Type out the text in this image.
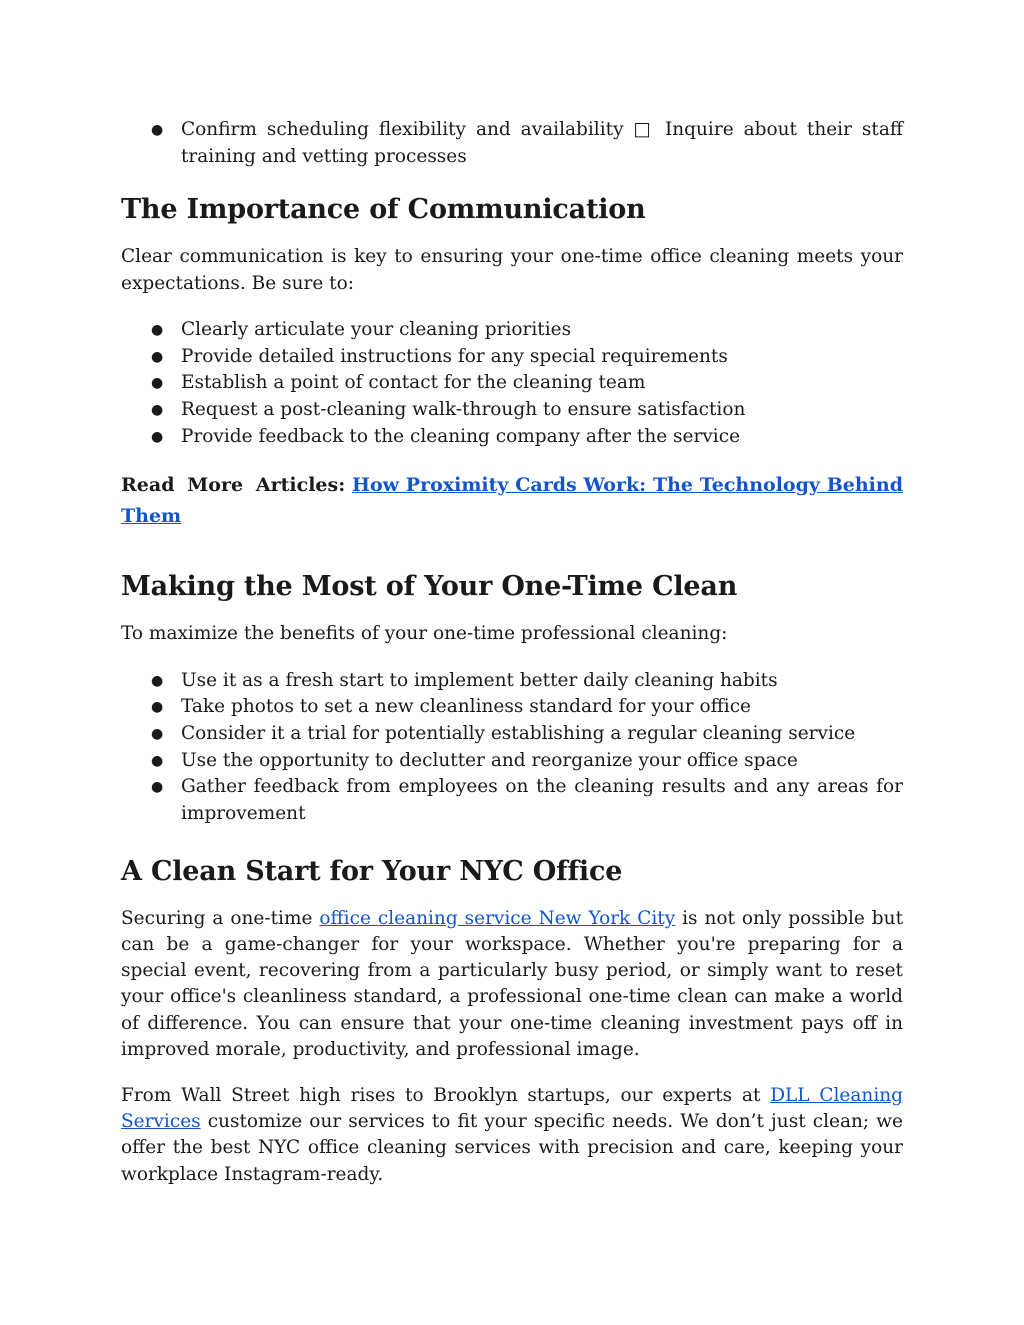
● Confirm scheduling flexibility and availability □ Inquire about their staff training and vetting processes
The Importance of Communication

Clear communication is key to ensuring your one-time office cleaning meets your expectations. Be sure to:

● Clearly articulate your cleaning priorities
● Provide detailed instructions for any special requirements
● Establish a point of contact for the cleaning team
● Request a post-cleaning walk-through to ensure satisfaction
● Provide feedback to the cleaning company after the service

Read More Articles: How Proximity Cards Work: The Technology Behind Them

Making the Most of Your One-Time Clean

To maximize the benefits of your one-time professional cleaning:

● Use it as a fresh start to implement better daily cleaning habits
● Take photos to set a new cleanliness standard for your office
● Consider it a trial for potentially establishing a regular cleaning service
● Use the opportunity to declutter and reorganize your office space
● Gather feedback from employees on the cleaning results and any areas for improvement
A Clean Start for Your NYC Office

Securing a one-time office cleaning service New York City is not only possible but can be a game-changer for your workspace. Whether you're preparing for a special event, recovering from a particularly busy period, or simply want to reset your office's cleanliness standard, a professional one-time clean can make a world of difference. You can ensure that your one-time cleaning investment pays off in improved morale, productivity, and professional image.

From Wall Street high rises to Brooklyn startups, our experts at DLL Cleaning Services customize our services to fit your specific needs. We don’t just clean; we offer the best NYC office cleaning services with precision and care, keeping your workplace Instagram-ready.
